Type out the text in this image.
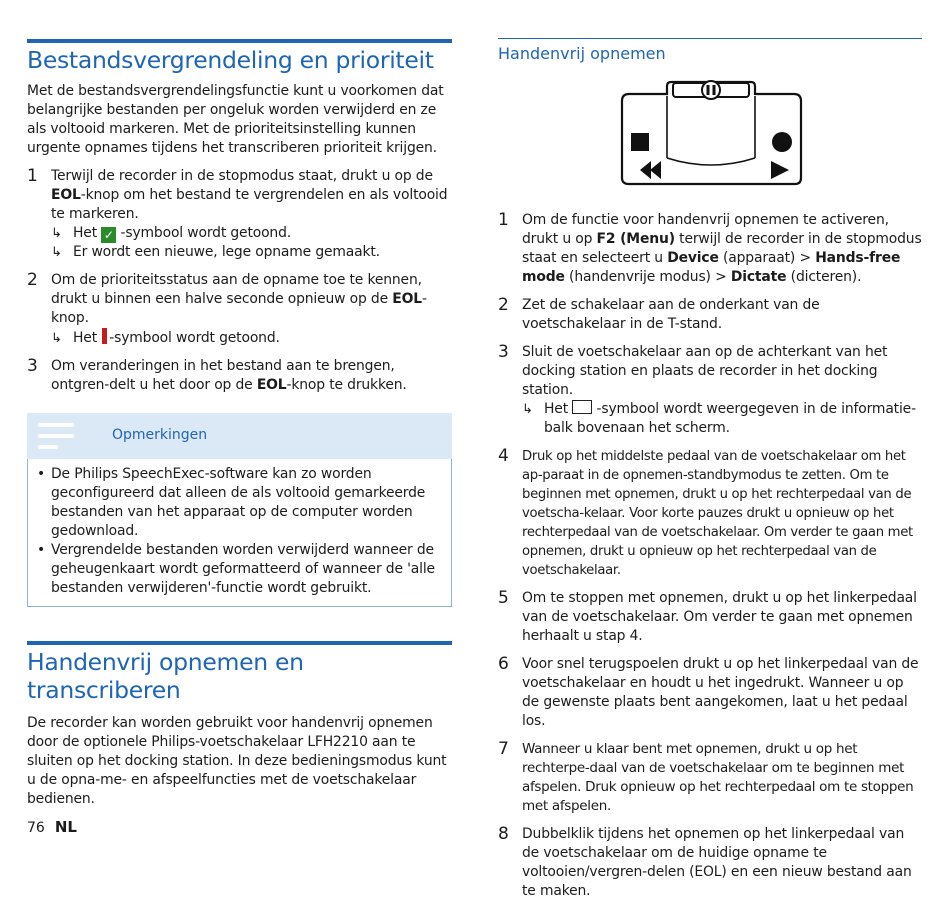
Bestandsvergrendeling en prioriteit

Met de bestandsvergrendelingsfunctie kunt u voorkomen dat belangrijke bestanden per ongeluk worden verwijderd en ze als voltooid markeren. Met de prioriteitsinstelling kunnen urgente opnames tijdens het transcriberen prioriteit krijgen.

1 Terwijl de recorder in de stopmodus staat, drukt u op de EOL-knop om het bestand te vergrendelen en als voltooid te markeren.
↳ Het ✓ -symbool wordt getoond.
↳ Er wordt een nieuwe, lege opname gemaakt.
2 Om de prioriteitsstatus aan de opname toe te kennen, drukt u binnen een halve seconde opnieuw op de EOL-knop.
↳ Het -symbool wordt getoond.
3 Om veranderingen in het bestand aan te brengen, ontgren-delt u het door op de EOL-knop te drukken.
Opmerkingen
• De Philips SpeechExec-software kan zo worden geconfigureerd dat alleen de als voltooid gemarkeerde bestanden van het apparaat op de computer worden gedownload.
• Vergrendelde bestanden worden verwijderd wanneer de geheugenkaart wordt geformatteerd of wanneer de 'alle bestanden verwijderen'-functie wordt gebruikt.
Handenvrij opnemen en transcriberen

De recorder kan worden gebruikt voor handenvrij opnemen door de optionele Philips-voetschakelaar LFH2210 aan te sluiten op het docking station. In deze bedieningsmodus kunt u de opna-me- en afspeelfuncties met de voetschakelaar bedienen.

Handenvrij opnemen
1 Om de functie voor handenvrij opnemen te activeren, drukt u op F2 (Menu) terwijl de recorder in de stopmodus staat en selecteert u Device (apparaat) > Hands-free mode (handenvrije modus) > Dictate (dicteren).
2 Zet de schakelaar aan de onderkant van de voetschakelaar in de T-stand.
3 Sluit de voetschakelaar aan op de achterkant van het docking station en plaats de recorder in het docking station.
↳ Het -symbool wordt weergegeven in de informatie-balk bovenaan het scherm.
4 Druk op het middelste pedaal van de voetschakelaar om het ap-paraat in de opnemen-standbymodus te zetten. Om te beginnen met opnemen, drukt u op het rechterpedaal van de voetscha-kelaar. Voor korte pauzes drukt u opnieuw op het rechterpedaal van de voetschakelaar. Om verder te gaan met opnemen, drukt u opnieuw op het rechterpedaal van de voetschakelaar.
5 Om te stoppen met opnemen, drukt u op het linkerpedaal van de voetschakelaar. Om verder te gaan met opnemen herhaalt u stap 4.
6 Voor snel terugspoelen drukt u op het linkerpedaal van de voetschakelaar en houdt u het ingedrukt. Wanneer u op de gewenste plaats bent aangekomen, laat u het pedaal los.
7 Wanneer u klaar bent met opnemen, drukt u op het rechterpe-daal van de voetschakelaar om te beginnen met afspelen. Druk opnieuw op het rechterpedaal om te stoppen met afspelen.
8 Dubbelklik tijdens het opnemen op het linkerpedaal van de voetschakelaar om de huidige opname te voltooien/vergren-delen (EOL) en een nieuw bestand aan te maken.
76 NL
